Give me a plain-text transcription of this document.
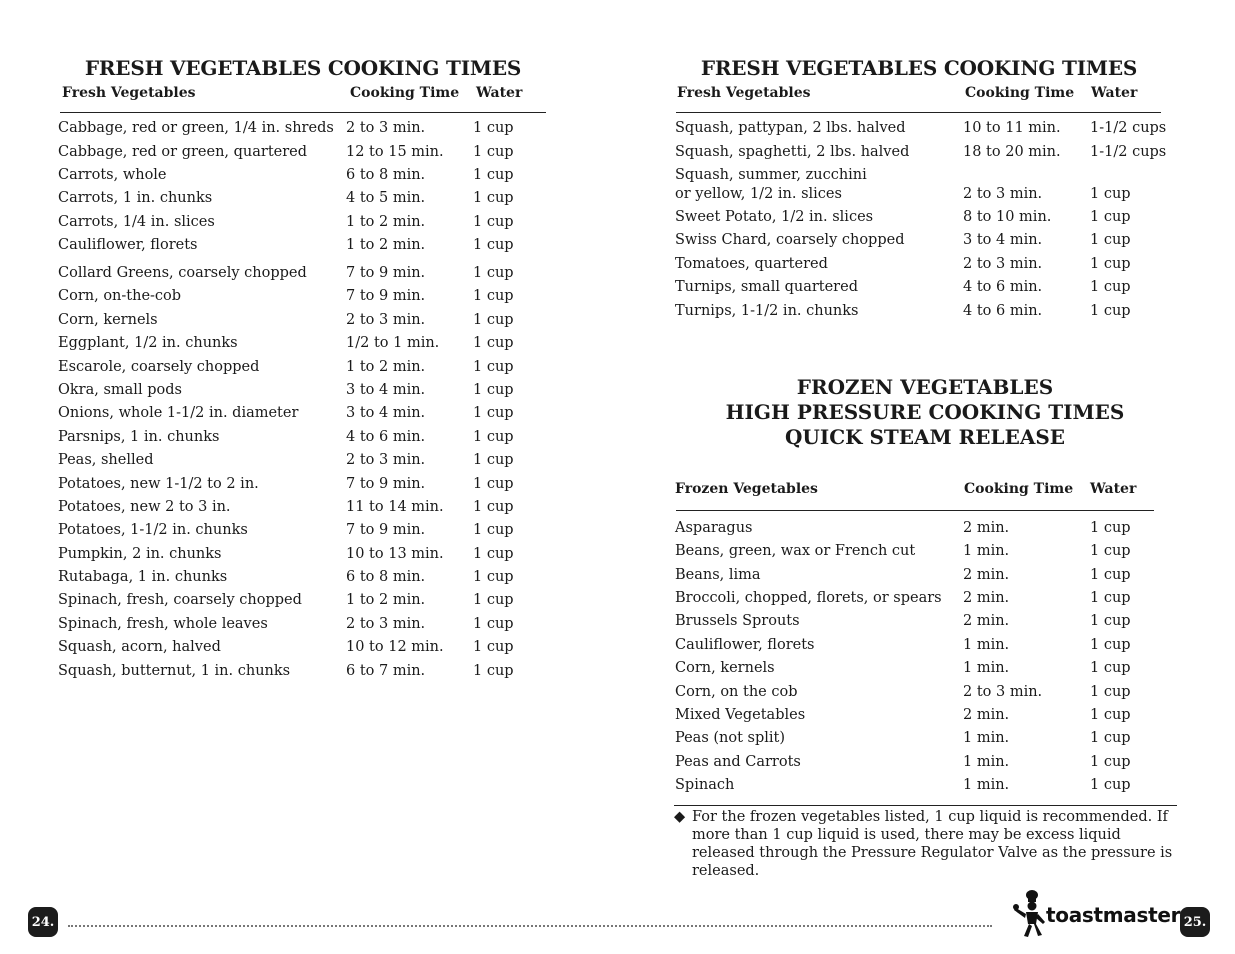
FRESH VEGETABLES COOKING TIMES
Fresh Vegetables	Cooking Time Water
Cabbage, red or green, 1/4 in. shreds 2 to 3 min.	1 cup
Cabbage, red or green, quartered	12 to 15 min. 1 cup
Carrots, whole	6 to 8 min.	1 cup
Carrots, 1 in. chunks	4 to 5 min.	1 cup
Carrots, 1/4 in. slices	1 to 2 min.	1 cup
Cauliflower, florets	1 to 2 min.	1 cup
Collard Greens, coarsely chopped	7 to 9 min.	1 cup
Corn, on-the-cob	7 to 9 min.	1 cup
Corn, kernels	2 to 3 min.	1 cup
Eggplant, 1/2 in. chunks	1/2 to 1 min. 1 cup
Escarole, coarsely chopped	1 to 2 min.	1 cup
Okra, small pods	3 to 4 min.	1 cup
Onions, whole 1-1/2 in. diameter	3 to 4 min.	1 cup
Parsnips, 1 in. chunks	4 to 6 min.	1 cup
Peas, shelled	2 to 3 min.	1 cup
Potatoes, new 1-1/2 to 2 in.	7 to 9 min.	1 cup
Potatoes, new 2 to 3 in.	11 to 14 min. 1 cup
Potatoes, 1-1/2 in. chunks	7 to 9 min.	1 cup
Pumpkin, 2 in. chunks	10 to 13 min. 1 cup
Rutabaga, 1 in. chunks	6 to 8 min.	1 cup
Spinach, fresh, coarsely chopped	1 to 2 min.	1 cup
Spinach, fresh, whole leaves	2 to 3 min.	1 cup
Squash, acorn, halved	10 to 12 min. 1 cup
Squash, butternut, 1 in. chunks	6 to 7 min.	1 cup
FRESH VEGETABLES COOKING TIMES
Fresh Vegetables	Cooking Time Water
Squash, pattypan, 2 lbs. halved	10 to 11 min. 1-1/2 cups
Squash, spaghetti, 2 lbs. halved	18 to 20 min. 1-1/2 cups
Squash, summer, zucchini
or yellow, 1/2 in. slices	2 to 3 min.	1 cup
Sweet Potato, 1/2 in. slices	8 to 10 min.	1 cup
Swiss Chard, coarsely chopped	3 to 4 min.	1 cup
Tomatoes, quartered	2 to 3 min.	1 cup
Turnips, small quartered	4 to 6 min.	1 cup
Turnips, 1-1/2 in. chunks	4 to 6 min.	1 cup
FROZEN VEGETABLES
HIGH PRESSURE COOKING TIMES
QUICK STEAM RELEASE
Frozen Vegetables	Cooking Time Water
Asparagus	2 min.	1 cup
Beans, green, wax or French cut	1 min.	1 cup
Beans, lima	2 min.	1 cup
Broccoli, chopped, florets, or spears 2 min.	1 cup
Brussels Sprouts	2 min.	1 cup
Cauliflower, florets	1 min.	1 cup
Corn, kernels	1 min.	1 cup
Corn, on the cob	2 to 3 min.	1 cup
Mixed Vegetables	2 min.	1 cup
Peas (not split)	1 min.	1 cup
Peas and Carrots	1 min.	1 cup
Spinach	1 min.	1 cup
◆ For the frozen vegetables listed, 1 cup liquid is recommended. If more than 1 cup liquid is used, there may be excess liquid released through the Pressure Regulator Valve as the pressure is released.
24.	toastmaster 25.
